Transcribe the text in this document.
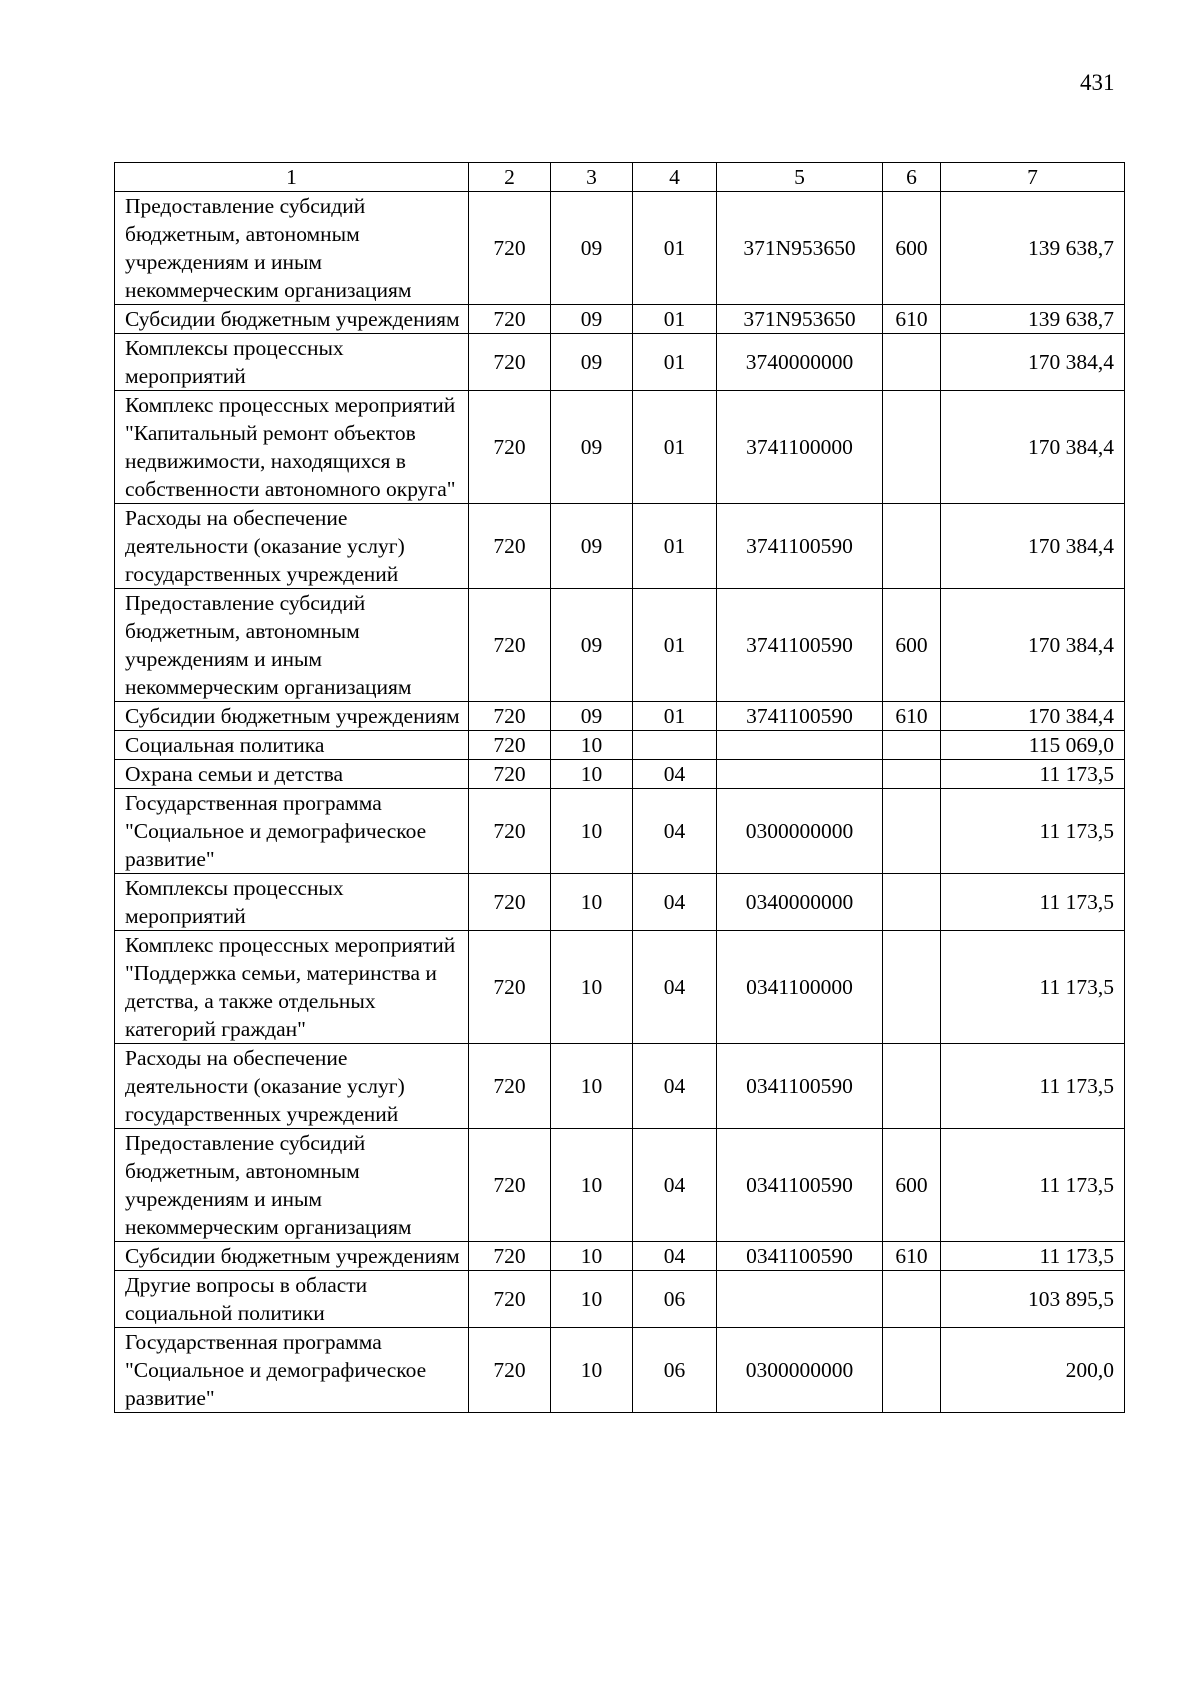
431
1	2	3	4	5	6	7
Предоставление субсидий бюджетным, автономным учреждениям и иным некоммерческим организациям	720	09	01	371N953650	600	139 638,7
Субсидии бюджетным учреждениям	720	09	01	371N953650	610	139 638,7
Комплексы процессных мероприятий	720	09	01	3740000000		170 384,4
Комплекс процессных мероприятий "Капитальный ремонт объектов недвижимости, находящихся в собственности автономного округа"	720	09	01	3741100000		170 384,4
Расходы на обеспечение деятельности (оказание услуг) государственных учреждений	720	09	01	3741100590		170 384,4
Предоставление субсидий бюджетным, автономным учреждениям и иным некоммерческим организациям	720	09	01	3741100590	600	170 384,4
Субсидии бюджетным учреждениям	720	09	01	3741100590	610	170 384,4
Социальная политика	720	10				115 069,0
Охрана семьи и детства	720	10	04			11 173,5
Государственная программа "Социальное и демографическое развитие"	720	10	04	0300000000		11 173,5
Комплексы процессных мероприятий	720	10	04	0340000000		11 173,5
Комплекс процессных мероприятий "Поддержка семьи, материнства и детства, а также отдельных категорий граждан"	720	10	04	0341100000		11 173,5
Расходы на обеспечение деятельности (оказание услуг) государственных учреждений	720	10	04	0341100590		11 173,5
Предоставление субсидий бюджетным, автономным учреждениям и иным некоммерческим организациям	720	10	04	0341100590	600	11 173,5
Субсидии бюджетным учреждениям	720	10	04	0341100590	610	11 173,5
Другие вопросы в области социальной политики	720	10	06			103 895,5
Государственная программа "Социальное и демографическое развитие"	720	10	06	0300000000		200,0
